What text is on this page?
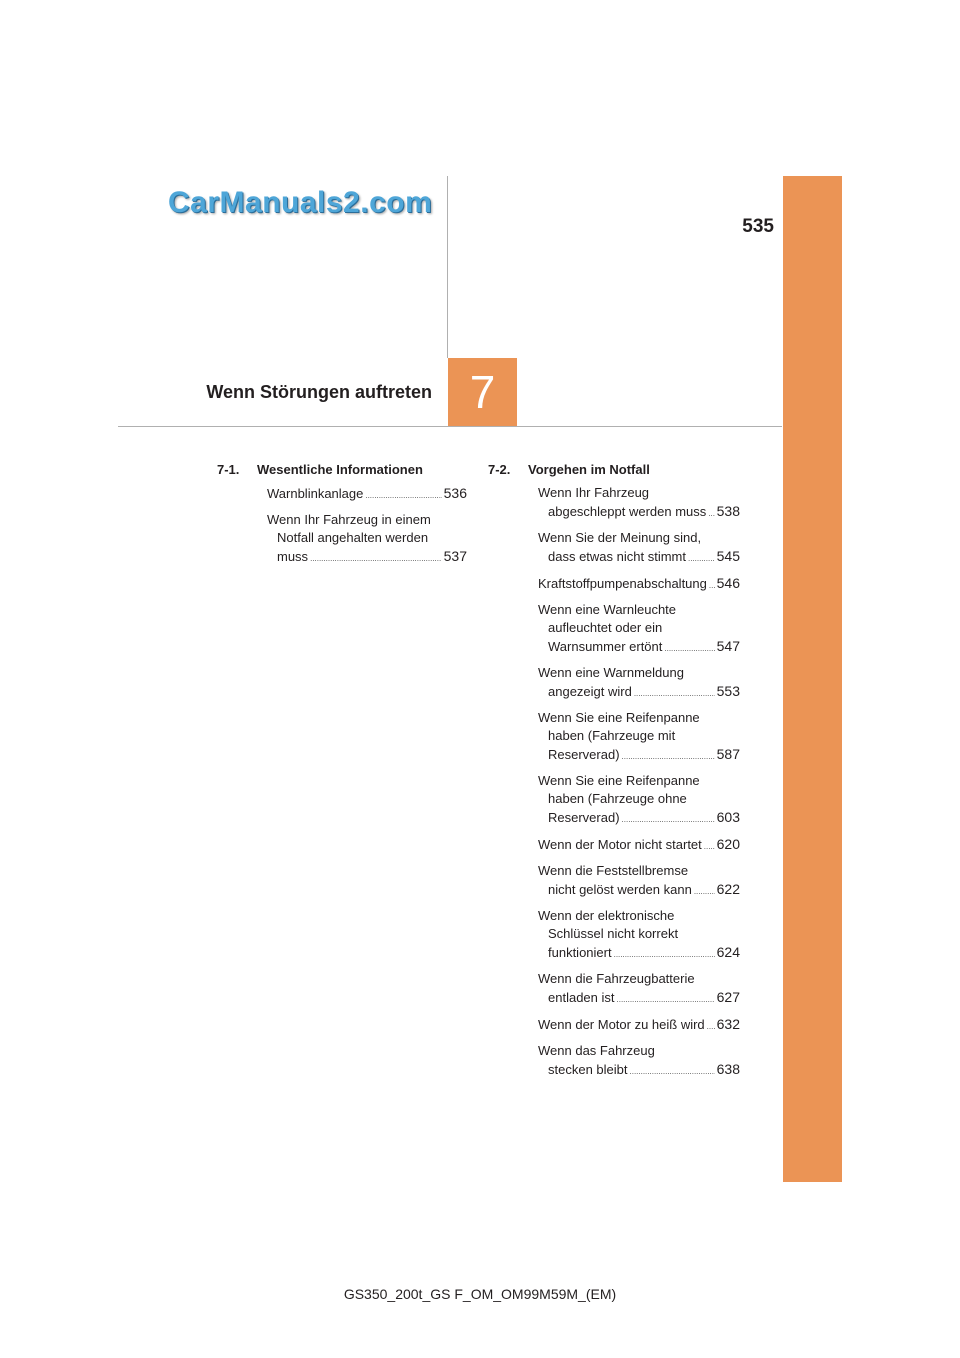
CarManuals2.com
535
Wenn Störungen auftreten 7
7-1. Wesentliche Informationen
Warnblinkanlage .....	536
Wenn Ihr Fahrzeug in einem
Notfall angehalten werden
muss .....	537
7-2. Vorgehen im Notfall
Wenn Ihr Fahrzeug
abgeschleppt werden muss ..... 538
Wenn Sie der Meinung sind,
dass etwas nicht stimmt ..... 545
Kraftstoffpumpenabschaltung ..... 546
Wenn eine Warnleuchte
aufleuchtet oder ein
Warnsummer ertönt .....	547
Wenn eine Warnmeldung
angezeigt wird .....	553
Wenn Sie eine Reifenpanne
haben (Fahrzeuge mit
Reserverad) .....	587
Wenn Sie eine Reifenpanne
haben (Fahrzeuge ohne
Reserverad) .....	603
Wenn der Motor nicht startet ..... 620
Wenn die Feststellbremse
nicht gelöst werden kann ..... 622
Wenn der elektronische
Schlüssel nicht korrekt
funktioniert .....	624
Wenn die Fahrzeugbatterie
entladen ist .....	627
Wenn der Motor zu heiß wird ..... 632
Wenn das Fahrzeug
stecken bleibt .....	638
GS350_200t_GS F_OM_OM99M59M_(EM)
